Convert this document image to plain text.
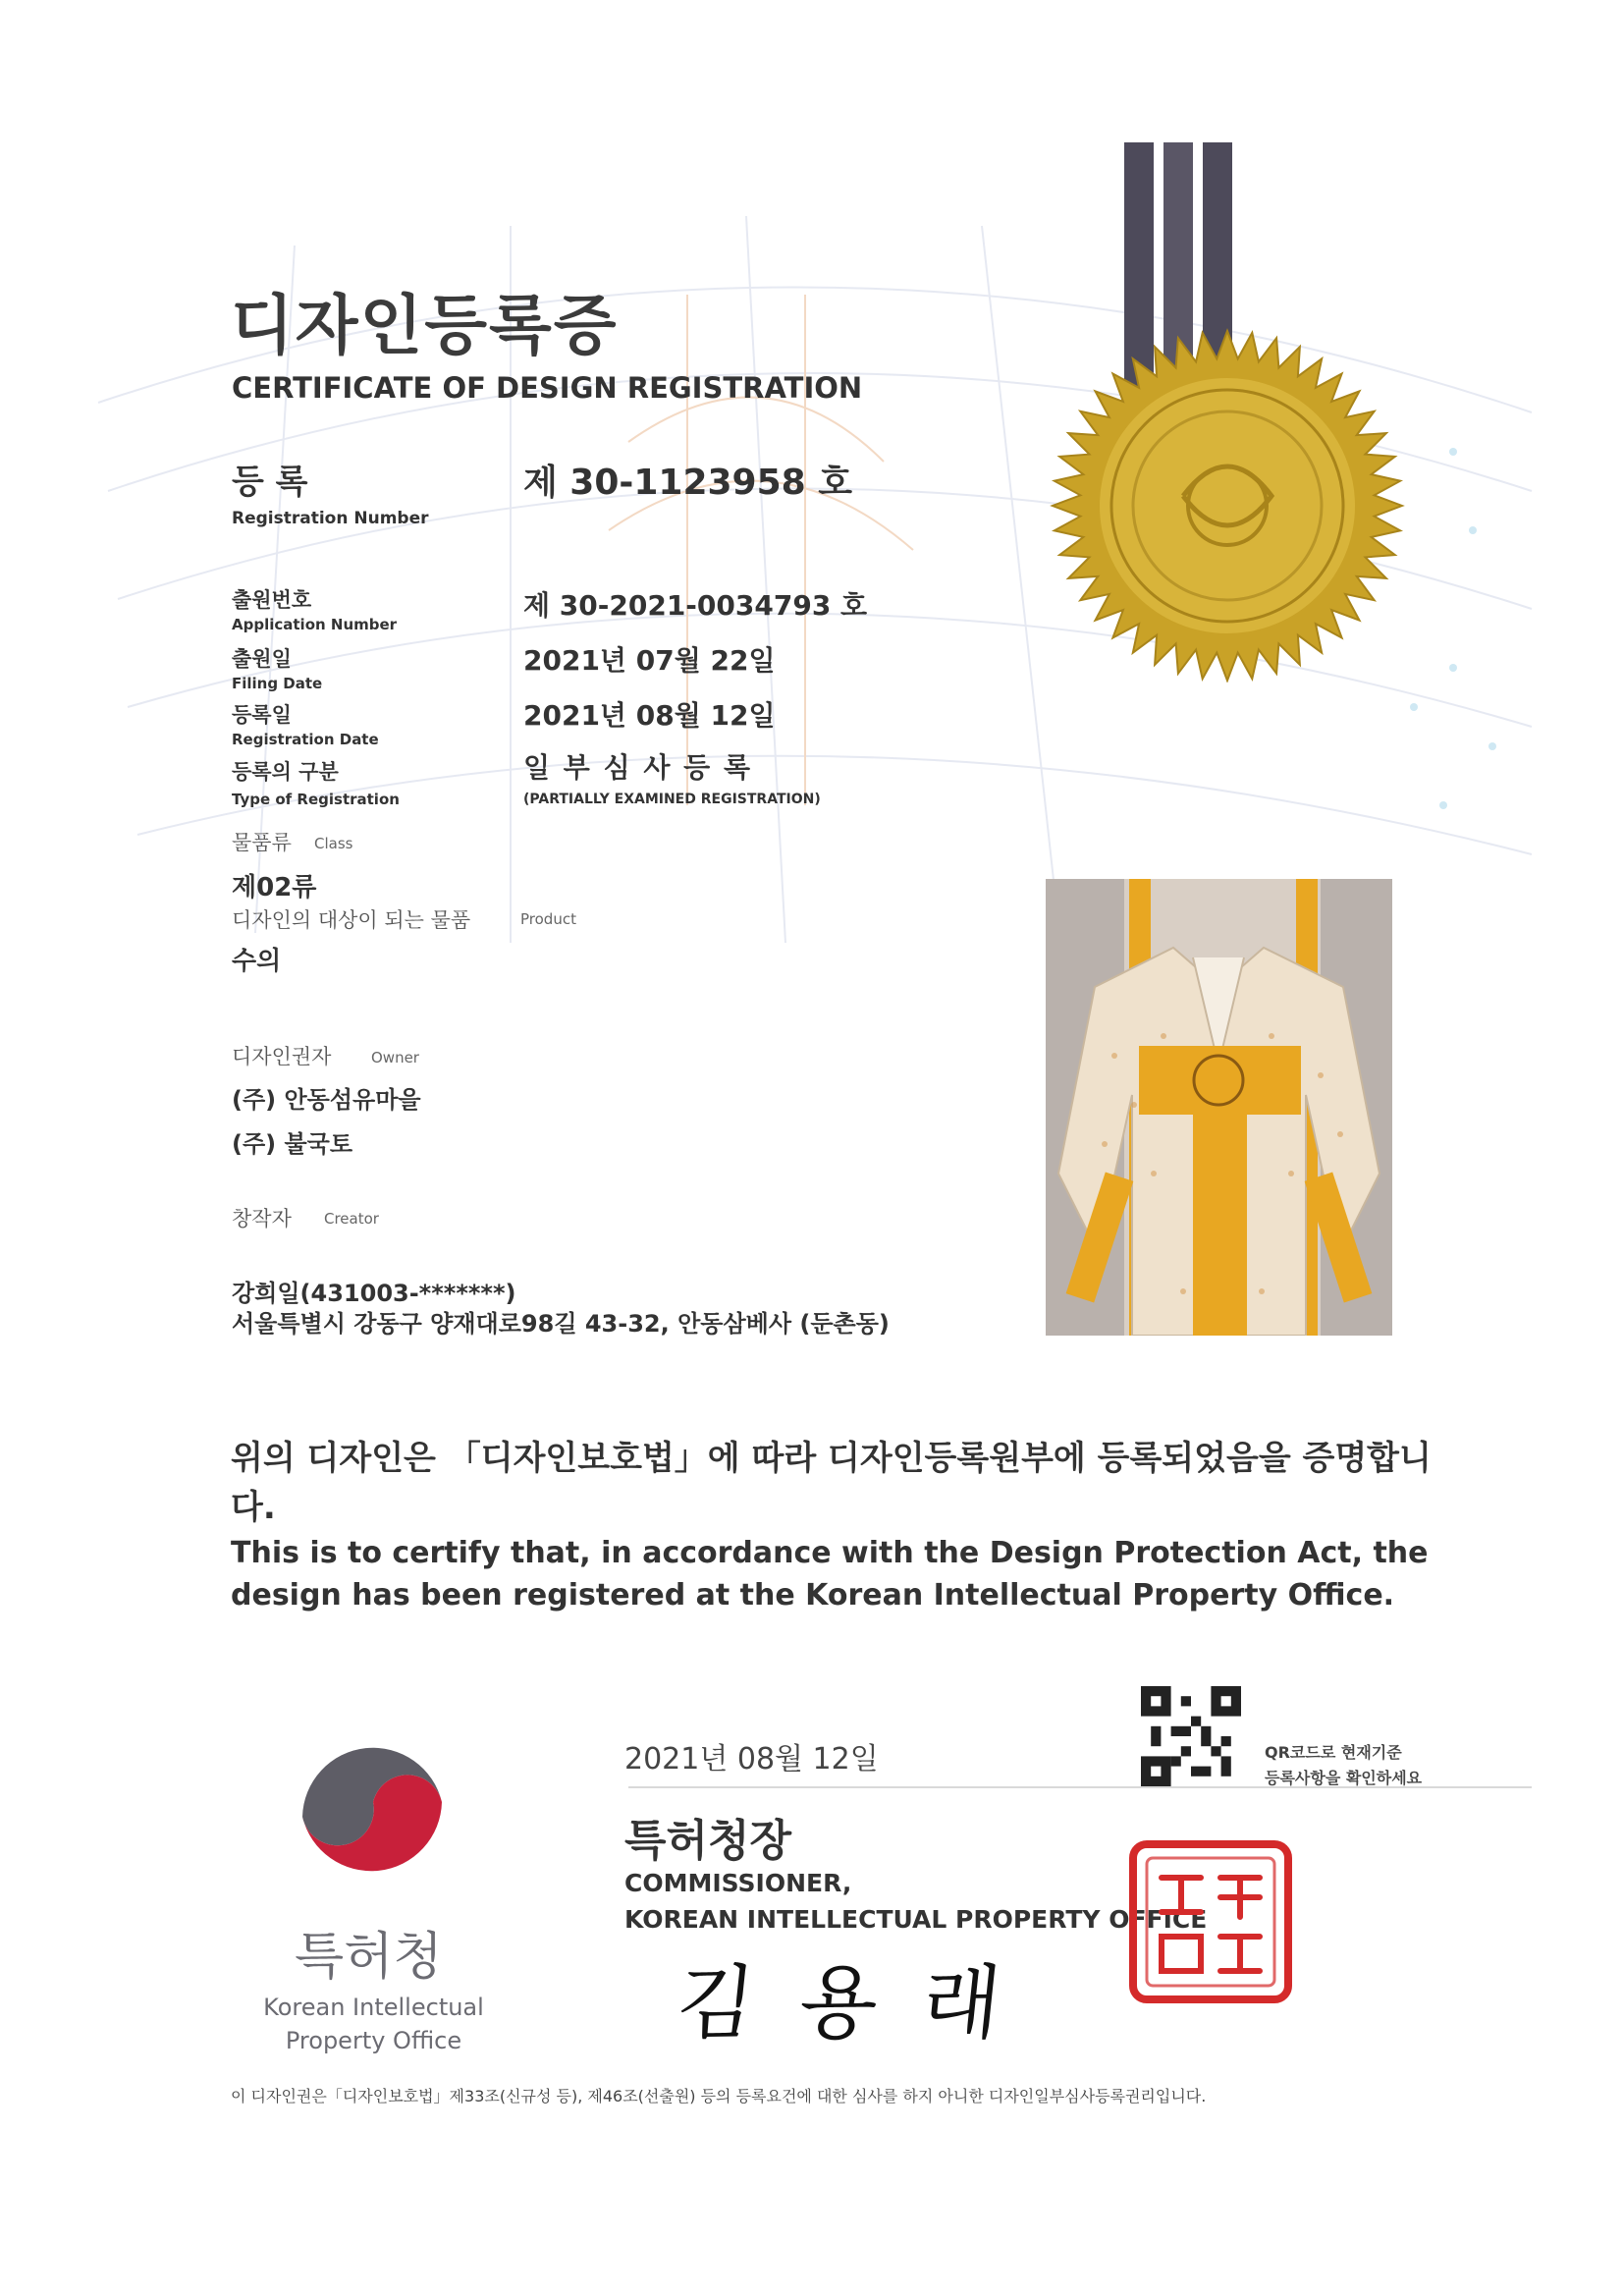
디자인등록증
CERTIFICATE OF DESIGN REGISTRATION
등 록
Registration Number
제 30-1123958 호
출원번호
Application Number
제 30-2021-0034793 호
출원일
Filing Date
2021년 07월 22일
등록일
Registration Date
2021년 08월 12일
등록의 구분
Type of Registration
일 부 심 사 등 록
(PARTIALLY EXAMINED REGISTRATION)
물품류 Class
제02류
디자인의 대상이 되는 물품	Product
수의
디자인권자	Owner
(주) 안동섬유마을
(주) 불국토
창작자 Creator
강희일(431003-*******)
서울특별시 강동구 양재대로98길 43-32, 안동삼베사 (둔촌동)
위의 디자인은 「디자인보호법」에 따라 디자인등록원부에 등록되었음을 증명합니다.
This is to certify that, in accordance with the Design Protection Act, the design has been registered at the Korean Intellectual Property Office.
특허청
Korean Intellectual
Property Office
2021년 08월 12일	QR코드로 현재기준
등록사항을 확인하세요
특허청장
COMMISSIONER,
KOREAN INTELLECTUAL PROPERTY OFFICE
김 용 래
이 디자인권은「디자인보호법」제33조(신규성 등), 제46조(선출원) 등의 등록요건에 대한 심사를 하지 아니한 디자인일부심사등록권리입니다.
